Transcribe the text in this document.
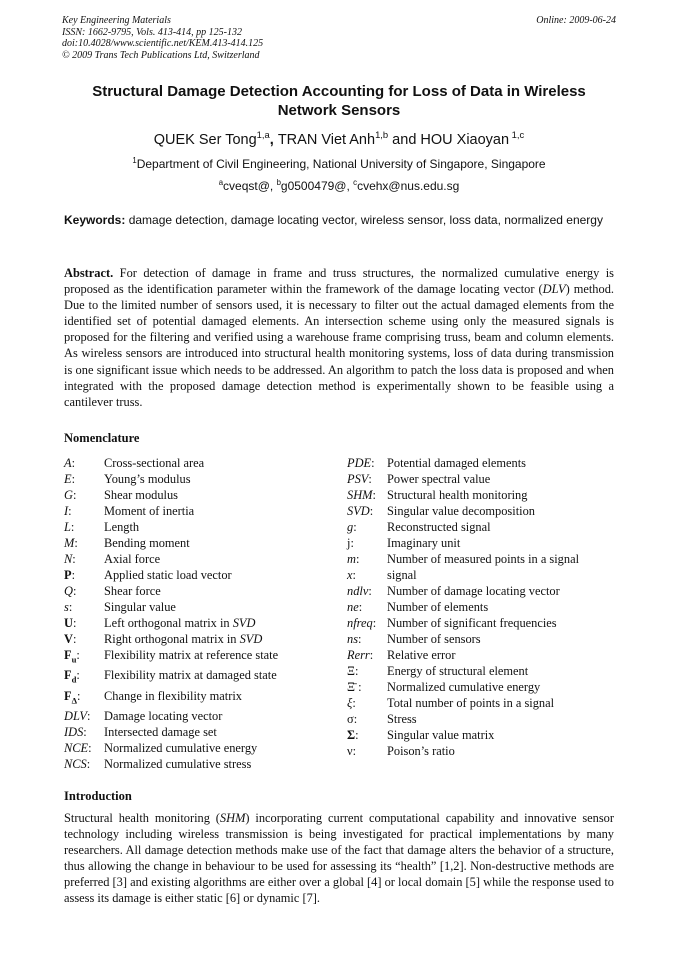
Key Engineering Materials
ISSN: 1662-9795, Vols. 413-414, pp 125-132
doi:10.4028/www.scientific.net/KEM.413-414.125
© 2009 Trans Tech Publications Ltd, Switzerland
Online: 2009-06-24
Structural Damage Detection Accounting for Loss of Data in Wireless Network Sensors
QUEK Ser Tong$^{1,a}$, TRAN Viet Anh$^{1,b}$ and HOU Xiaoyan $^{1,c}$
$^1$Department of Civil Engineering, National University of Singapore, Singapore
$^a$cveqst@, $^b$g0500479@, $^c$cvehx@nus.edu.sg
Keywords: damage detection, damage locating vector, wireless sensor, loss data, normalized energy
Abstract. For detection of damage in frame and truss structures, the normalized cumulative energy is proposed as the identification parameter within the framework of the damage locating vector (DLV) method. Due to the limited number of sensors used, it is necessary to filter out the actual damaged elements from the identified set of potential damaged elements. An intersection scheme using only the measured signals is proposed for the filtering and verified using a warehouse frame comprising truss, beam and column elements. As wireless sensors are introduced into structural health monitoring systems, loss of data during transmission is one significant issue which needs to be addressed. An algorithm to patch the loss data is proposed and when integrated with the proposed damage detection method is experimentally shown to be feasible using a cantilever truss.
Nomenclature
A:	Cross-sectional area
E:	Young’s modulus
G:	Shear modulus
I:	Moment of inertia
L:	Length
M:	Bending moment
N:	Axial force
P:	Applied static load vector
Q:	Shear force
s:	Singular value
U:	Left orthogonal matrix in SVD
V:	Right orthogonal matrix in SVD
$F_u$:	Flexibility matrix at reference state
$F_d$:	Flexibility matrix at damaged state
$F_\Delta$:	Change in flexibility matrix
DLV:	Damage locating vector
IDS:	Intersected damage set
NCE:	Normalized cumulative energy
NCS:	Normalized cumulative stress
PDE:	Potential damaged elements
PSV:	Power spectral value
SHM: Structural health monitoring
SVD:	Singular value decomposition
g:	Reconstructed signal
j:	Imaginary unit
m:	Number of measured points in a signal
x:	signal
ndlv:	Number of damage locating vector
ne:	Number of elements
nfreq: Number of significant frequencies
ns:	Number of sensors
Rerr:	Relative error
Ξ:	Energy of structural element
Ξ̄ :	Normalized cumulative energy
ξ:	Total number of points in a signal
σ:	Stress
Σ:	Singular value matrix
ν:	Poison’s ratio
Introduction
Structural health monitoring (SHM) incorporating current computational capability and innovative sensor technology including wireless transmission is being investigated for practical implementations by many researchers. All damage detection methods make use of the fact that damage alters the behavior of a structure, thus allowing the change in behaviour to be used for assessing its “health” [1,2]. Non-destructive methods are preferred [3] and existing algorithms are either over a global [4] or local domain [5] while the response used to assess its damage is either static [6] or dynamic [7].
